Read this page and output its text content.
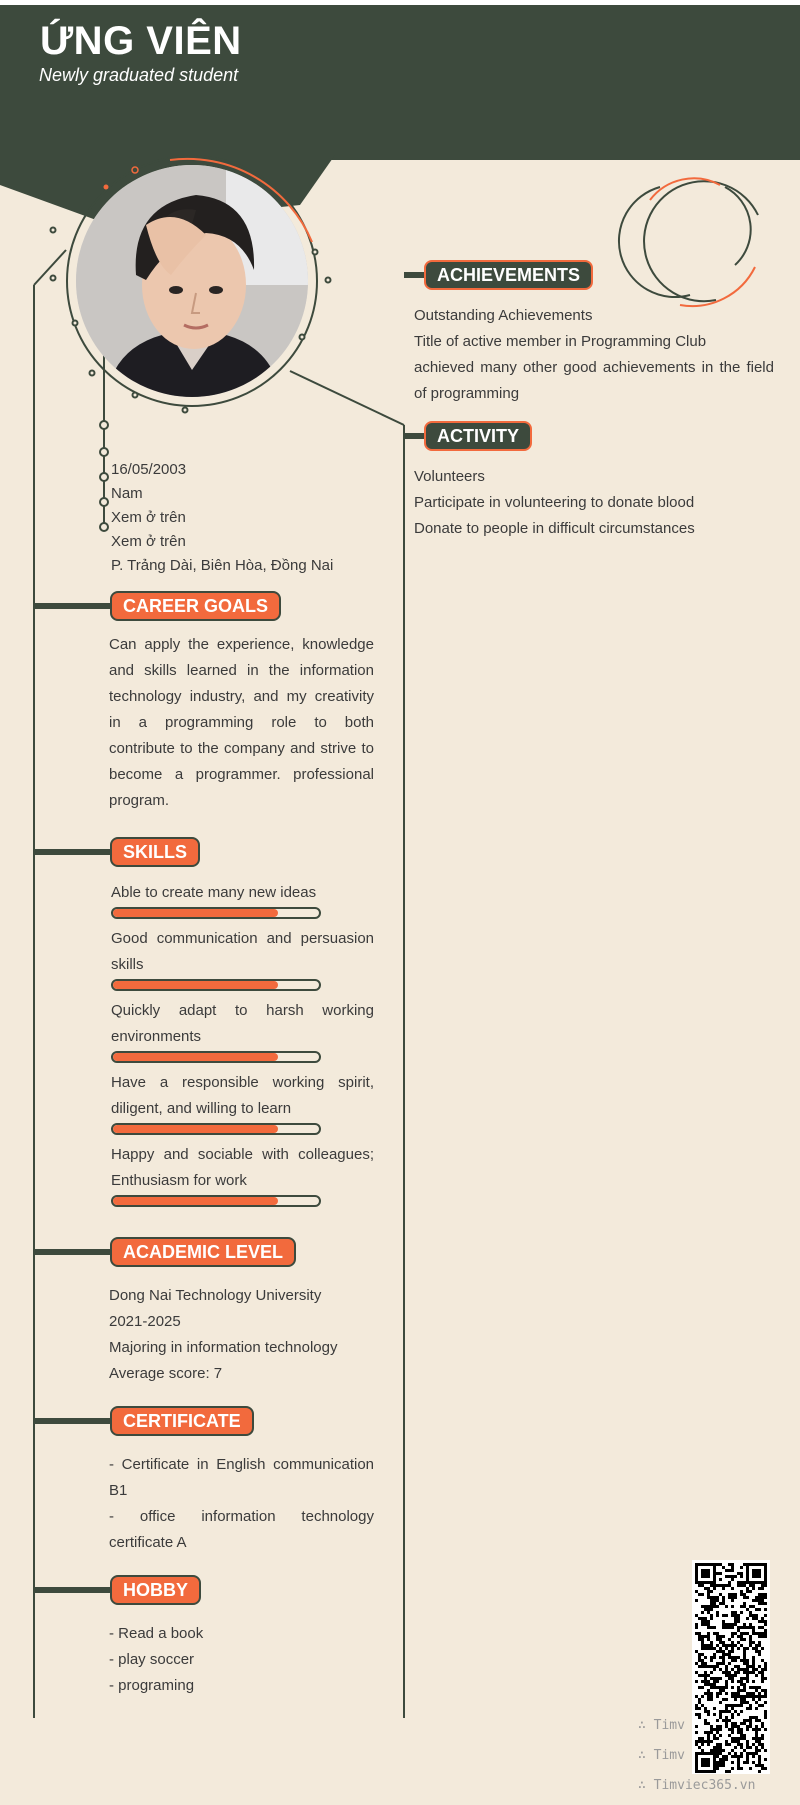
ỨNG VIÊN
Newly graduated student
16/05/2003
Nam
Xem ở trên
Xem ở trên
P. Trảng Dài, Biên Hòa, Đồng Nai
CAREER GOALS
Can apply the experience, knowledge
and skills learned in the information
technology industry, and my creativity
in a programming role to both
contribute to the company and strive to
become a programmer. professional
program.
SKILLS
Able to create many new ideas
Good communication and persuasion
skills
Quickly adapt to harsh working
environments
Have a responsible working spirit,
diligent, and willing to learn
Happy and sociable with colleagues;
Enthusiasm for work
ACADEMIC LEVEL
Dong Nai Technology University
2021-2025
Majoring in information technology
Average score: 7
CERTIFICATE
- Certificate in English communication
B1
- office information technology
certificate A
HOBBY
- Read a book
- play soccer
- programing
ACHIEVEMENTS
Outstanding Achievements
Title of active member in Programming Club
achieved many other good achievements in the field
of programming
ACTIVITY
Volunteers
Participate in volunteering to donate blood
Donate to people in difficult circumstances
∴ Timv
∴ Timv
∴ Timviec365.vn
